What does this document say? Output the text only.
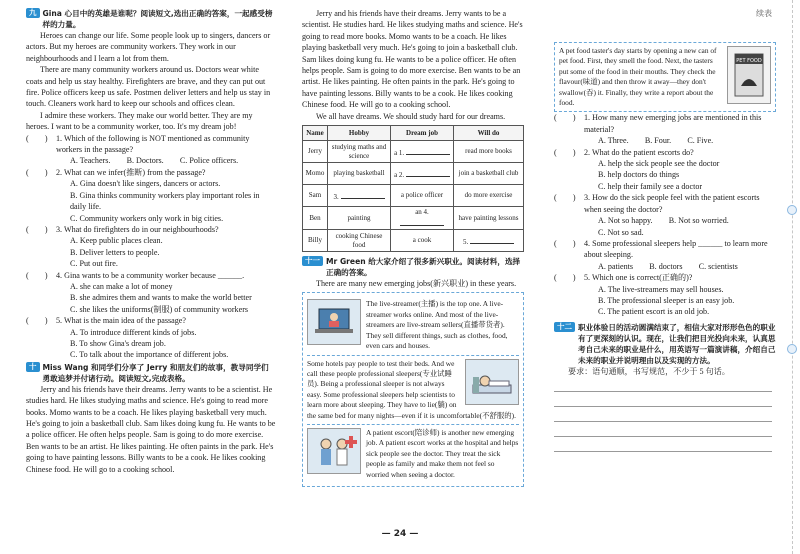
续表
九 Gina 心目中的英雄是谁呢？阅读短文,选出正确的答案，一起感受榜样的力量。

Heroes can change our life. Some people look up to singers, dancers or actors. But my heroes are community workers. They work in our neighbourhoods and I learn a lot from them.

There are many community workers around us. Doctors wear white coats and help us stay healthy. Firefighters are brave, and they can put out fire. Police officers keep us safe. Postmen deliver letters and help us stay in touch. Cleaners work hard to keep our schools and offices clean.

I admire these workers. They make our world better. They are my heroes. I want to be a community worker, too. It's my dream job!

(　　)	1. Which of the following is NOT mentioned as community workers in the passage?
A. Teachers.　　B. Doctors.　　C. Police officers.
(　　)	2. What can we infer(推断) from the passage?
A. Gina doesn't like singers, dancers or actors.
B. Gina thinks community workers play important roles in daily life.
C. Community workers only work in big cities.
(　　)	3. What do firefighters do in our neighbourhoods?
A. Keep public places clean.
B. Deliver letters to people.
C. Put out fire.
(　　)	4. Gina wants to be a community worker because ______.
A. she can make a lot of money
B. she admires them and wants to make the world better
C. she likes the uniforms(制服) of community workers
(　　)	5. What is the main idea of the passage?
A. To introduce different kinds of jobs.
B. To show Gina's dream job.
C. To talk about the importance of different jobs.
十 Miss Wang 和同学们分享了 Jerry 和朋友们的故事，教导同学们勇敢追梦并付诸行动。阅读短文,完成表格。

Jerry and his friends have their dreams. Jerry wants to be a scientist. He studies hard. He likes studying maths and science. He's going to read more books. Momo wants to be a coach. He likes playing basketball very much. He's going to join a basketball club. Sam likes doing kung fu. He wants to be a police officer. He often helps people. Sam is going to do more exercise. Ben wants to be an artist. He likes painting. He often paints in the park. He's going to have painting lessons. Billy wants to be a cook. He likes cooking Chinese food. He will go to a cooking school.

Jerry and his friends have their dreams. Jerry wants to be a scientist. He studies hard. He likes studying maths and science. He's going to read more books. Momo wants to be a coach. He likes playing basketball very much. He's going to join a basketball club. Sam likes doing kung fu. He wants to be a police officer. He often helps people. Sam is going to do more exercise. Ben wants to be an artist. He likes painting. He often paints in the park. He's going to have painting lessons. Billy wants to be a cook. He likes cooking Chinese food. He will go to a cooking school.

We all have dreams. We should study hard for our dreams.

Name	Hobby	Dream job	Will do
Jerry	studying maths and science	a 1.	read more books
Momo	playing basketball	a 2.	join a basketball club
Sam	3.	a police officer	do more exercise
Ben	painting	an 4.	have painting lessons
Billy	cooking Chinese food	a cook	5.
十一 Mr Green 给大家介绍了很多新兴职业。阅读材料，选择正确的答案。

There are many new emerging jobs(新兴职业) in these years.

The live-streamer(主播) is the top one. A live-streamer works online. And most of the live-streamers are live-stream sellers(直播带货者). They sell different things, such as clothes, food, even cars and houses.
Some hotels pay people to test their beds. And we call these people professional sleepers(专业试睡员). Being a professional sleeper is not always easy. Some professional sleepers help scientists to learn more about sleeping. They have to lie(躺) on the same bed for many nights—even if it is uncomfortable(不舒服的).
A patient escort(陪诊师) is another new emerging job. A patient escort works at the hospital and helps sick people see the doctor. They treat the sick people as family and make them not feel so worried when seeing a doctor.
PET FOOD
A pet food taster's day starts by opening a new can of pet food. First, they smell the food. Next, the tasters put some of the food in their mouths. They check the flavour(味道) and then throw it away—they don't swallow(吞) it. Finally, they write a report about the food.
(　　)	1. How many new emerging jobs are mentioned in this material?
A. Three.　　B. Four.　　C. Five.
(　　)	2. What do the patient escorts do?
A. help the sick people see the doctor
B. help doctors do things
C. help their family see a doctor
(　　)	3. How do the sick people feel with the patient escorts when seeing the doctor?
A. Not so happy.　　B. Not so worried.
C. Not so sad.
(　　)	4. Some professional sleepers help ______ to learn more about sleeping.
A. patients　　B. doctors　　C. scientists
(　　)	5. Which one is correct(正确的)?
A. The live-streamers may sell houses.
B. The professional sleeper is an easy job.
C. The patient escort is an old job.
十二 职业体验日的活动圆满结束了，相信大家对形形色色的职业有了更深刻的认识。现在，让我们把目光投向未来，认真思考自己未来的职业是什么，用英语写一篇演讲稿，介绍自己未来的职业并说明理由以及实现的方法。

要求：语句通顺，书写规范，不少于 5 句话。

— 24 —
